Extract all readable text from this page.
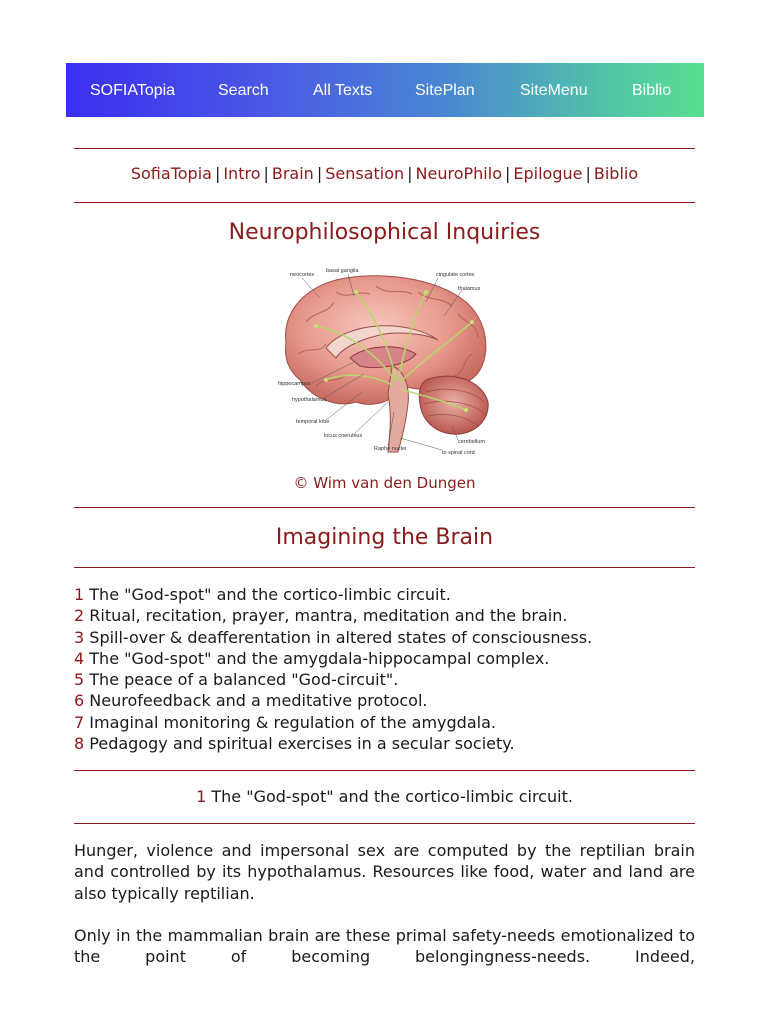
SOFIATopia	Search	All Texts	SitePlan	SiteMenu	Biblio
SofiaTopia | Intro | Brain | Sensation | NeuroPhilo | Epilogue | Biblio
Neurophilosophical Inquiries
neocortex
basal ganglia
cingulate cortex
thalamus
hippocampus
hypothalamus
temporal lobe
locus coeruleus
Raphe nuclei
cerebellum
to spinal cord
© Wim van den Dungen
Imagining the Brain
1 The "God-spot" and the cortico-limbic circuit.
2 Ritual, recitation, prayer, mantra, meditation and the brain.
3 Spill-over & deafferentation in altered states of consciousness.
4 The "God-spot" and the amygdala-hippocampal complex.
5 The peace of a balanced "God-circuit".
6 Neurofeedback and a meditative protocol.
7 Imaginal monitoring & regulation of the amygdala.
8 Pedagogy and spiritual exercises in a secular society.
1 The "God-spot" and the cortico-limbic circuit.

Hunger, violence and impersonal sex are computed by the reptilian brain and controlled by its hypothalamus. Resources like food, water and land are also typically reptilian.

Only in the mammalian brain are these primal safety-needs emotionalized to the point of becoming belongingness-needs. Indeed,
